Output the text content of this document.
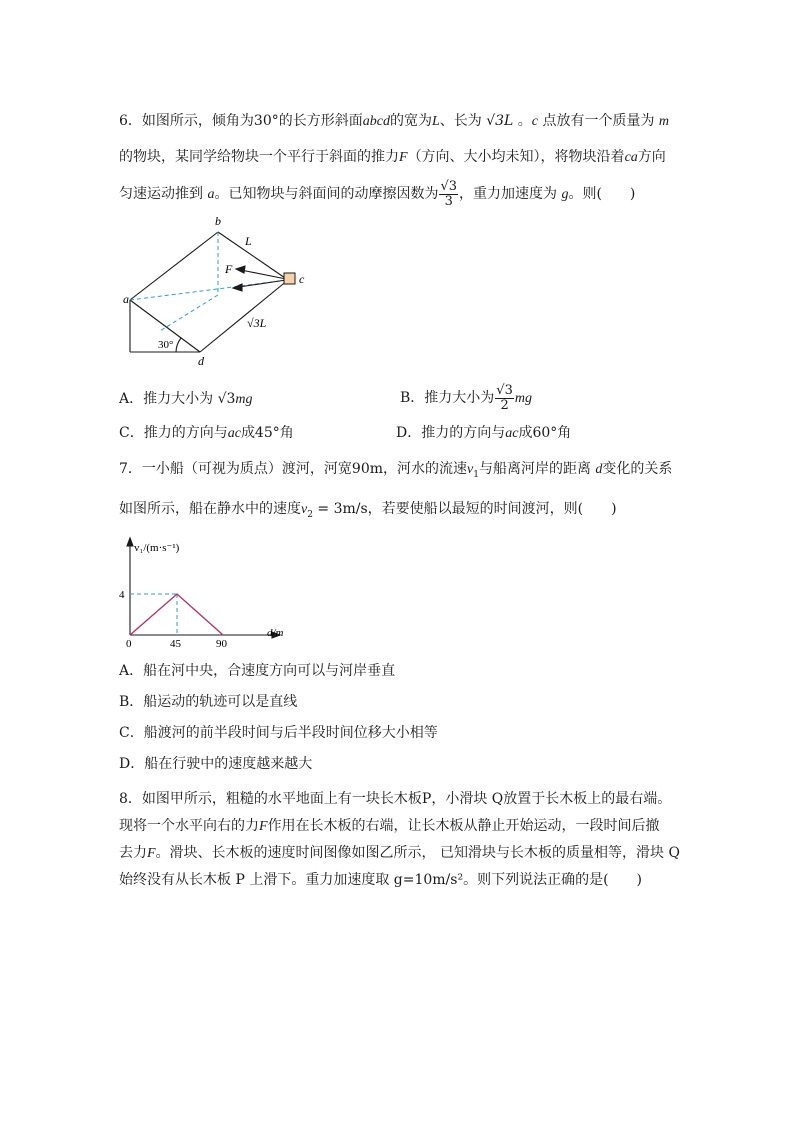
6．如图所示，倾角为30°的长方形斜面abcd的宽为L、长为 √3L 。c 点放有一个质量为 m
的物块，某同学给物块一个平行于斜面的推力F（方向、大小均未知），将物块沿着ca方向
匀速运动推到 a。已知物块与斜面间的动摩擦因数为 $\frac{√3}{3}$ ，重力加速度为 g。则(　　)
a
b
c
d
L
F
√3L
30°
A．推力大小为 √3mg	B．推力大小为 $\frac{√3}{2}$ mg
C．推力的方向与ac成45°角	D．推力的方向与ac成60°角
7．一小船（可视为质点）渡河，河宽90m，河水的流速$v_1$与船离河岸的距离 d变化的关系
如图所示，船在静水中的速度$v_2 = 3m/s$，若要使船以最短的时间渡河，则(　　)
v₁/(m·s⁻¹)
d/m
4
0	45	90
A．船在河中央，合速度方向可以与河岸垂直
B．船运动的轨迹可以是直线
C．船渡河的前半段时间与后半段时间位移大小相等
D．船在行驶中的速度越来越大
8．如图甲所示，粗糙的水平地面上有一块长木板P，小滑块 Q放置于长木板上的最右端。
现将一个水平向右的力F作用在长木板的右端，让长木板从静止开始运动，一段时间后撤
去力F。滑块、长木板的速度时间图像如图乙所示， 已知滑块与长木板的质量相等，滑块 Q
始终没有从长木板 P 上滑下。重力加速度取 g=10m/s²。则下列说法正确的是(　　)
